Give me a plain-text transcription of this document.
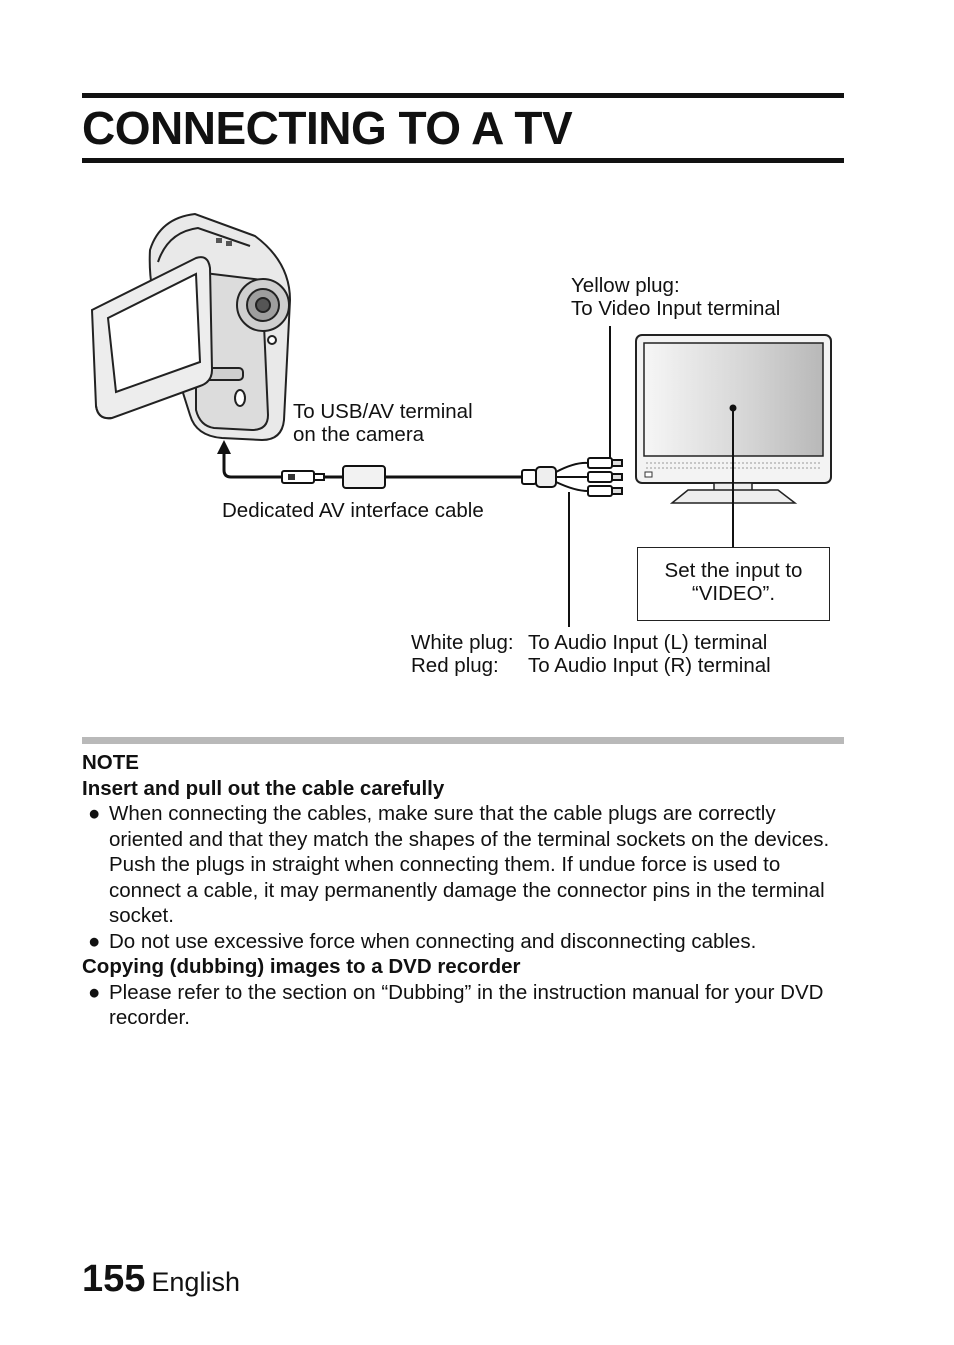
CONNECTING TO A TV
Yellow plug:
To Video Input terminal
To USB/AV terminal
on the camera
Dedicated AV interface cable
Set the input to
“VIDEO”.
White plug: To Audio Input (L) terminal
Red plug: To Audio Input (R) terminal
NOTE
Insert and pull out the cable carefully
● When connecting the cables, make sure that the cable plugs are correctly oriented and that they match the shapes of the terminal sockets on the devices. Push the plugs in straight when connecting them. If undue force is used to connect a cable, it may permanently damage the connector pins in the terminal socket.
● Do not use excessive force when connecting and disconnecting cables.
Copying (dubbing) images to a DVD recorder
● Please refer to the section on “Dubbing” in the instruction manual for your DVD recorder.
155 English
